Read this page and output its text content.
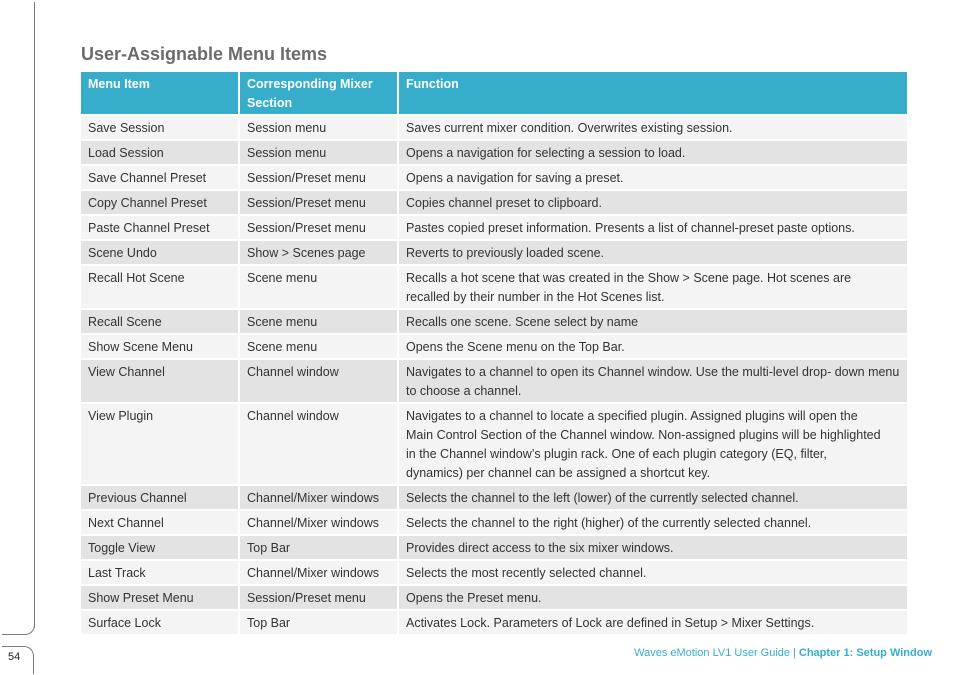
54
User-Assignable Menu Items
Menu Item	Corresponding Mixer Section	Function
Save Session	Session menu	Saves current mixer condition. Overwrites existing session.
Load Session	Session menu	Opens a navigation for selecting a session to load.
Save Channel Preset	Session/Preset menu	Opens a navigation for saving a preset.
Copy Channel Preset	Session/Preset menu	Copies channel preset to clipboard.
Paste Channel Preset	Session/Preset menu	Pastes copied preset information. Presents a list of channel-preset paste options.
Scene Undo	Show > Scenes page	Reverts to previously loaded scene.
Recall Hot Scene	Scene menu	Recalls a hot scene that was created in the Show > Scene page. Hot scenes are recalled by their number in the Hot Scenes list.
Recall Scene	Scene menu	Recalls one scene. Scene select by name
Show Scene Menu	Scene menu	Opens the Scene menu on the Top Bar.
View Channel	Channel window	Navigates to a channel to open its Channel window. Use the multi-level drop- down menu to choose a channel.
View Plugin	Channel window	Navigates to a channel to locate a specified plugin. Assigned plugins will open the Main Control Section of the Channel window. Non-assigned plugins will be highlighted in the Channel window’s plugin rack. One of each plugin category (EQ, filter, dynamics) per channel can be assigned a shortcut key.
Previous Channel	Channel/Mixer windows	Selects the channel to the left (lower) of the currently selected channel.
Next Channel	Channel/Mixer windows	Selects the channel to the right (higher) of the currently selected channel.
Toggle View	Top Bar	Provides direct access to the six mixer windows.
Last Track	Channel/Mixer windows	Selects the most recently selected channel.
Show Preset Menu	Session/Preset menu	Opens the Preset menu.
Surface Lock	Top Bar	Activates Lock. Parameters of Lock are defined in Setup > Mixer Settings.
Waves eMotion LV1 User Guide | Chapter 1: Setup Window
